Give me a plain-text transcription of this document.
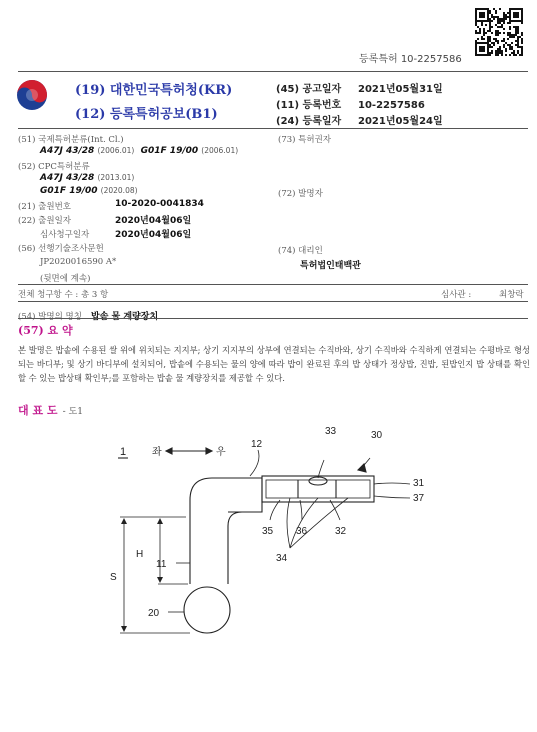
등록특허 10-2257586
(19) 대한민국특허청(KR)
(12) 등록특허공보(B1)
(45) 공고일자 2021년05월31일
(11) 등록번호 10-2257586
(24) 등록일자 2021년05월24일
(51) 국제특허분류(Int. Cl.)
A47J 43/28 (2006.01) G01F 19/00 (2006.01)
(52) CPC특허분류
A47J 43/28 (2013.01)
G01F 19/00 (2020.08)
(21) 출원번호	10-2020-0041834
(22) 출원일자	2020년04월06일
심사청구일자	2020년04월06일
(56) 선행기술조사문헌
JP2020016590 A*
(뒷면에 계속)
(73) 특허권자
(72) 발명자
(74) 대리인
특허법인태백관
전체 청구항 수 : 총 3 항	심사관 :	최창락
(54) 발명의 명칭 밥솥 물 계량장치
(57) 요 약
본 발명은 밥솥에 수용된 쌀 위에 위치되는 지지부; 상기 지지부의 상부에 연결되는 수직바와, 상기 수직바와 수직하게 연결되는 수평바로 형성되는 바디부; 및 상기 바디부에 설치되어, 밥솥에 수용되는 물의 양에 따라 밥이 완료된 후의 밥 상태가 정상밥, 진밥, 된밥인지 밥 상태를 확인할 수 있는 밥상태 확인부;를 포함하는 밥솥 물 계량장치를 제공할 수 있다.
대 표 도 - 도1
1	좌	우
H
S
12
33	30
31
37
35 36	32
34
11
20
